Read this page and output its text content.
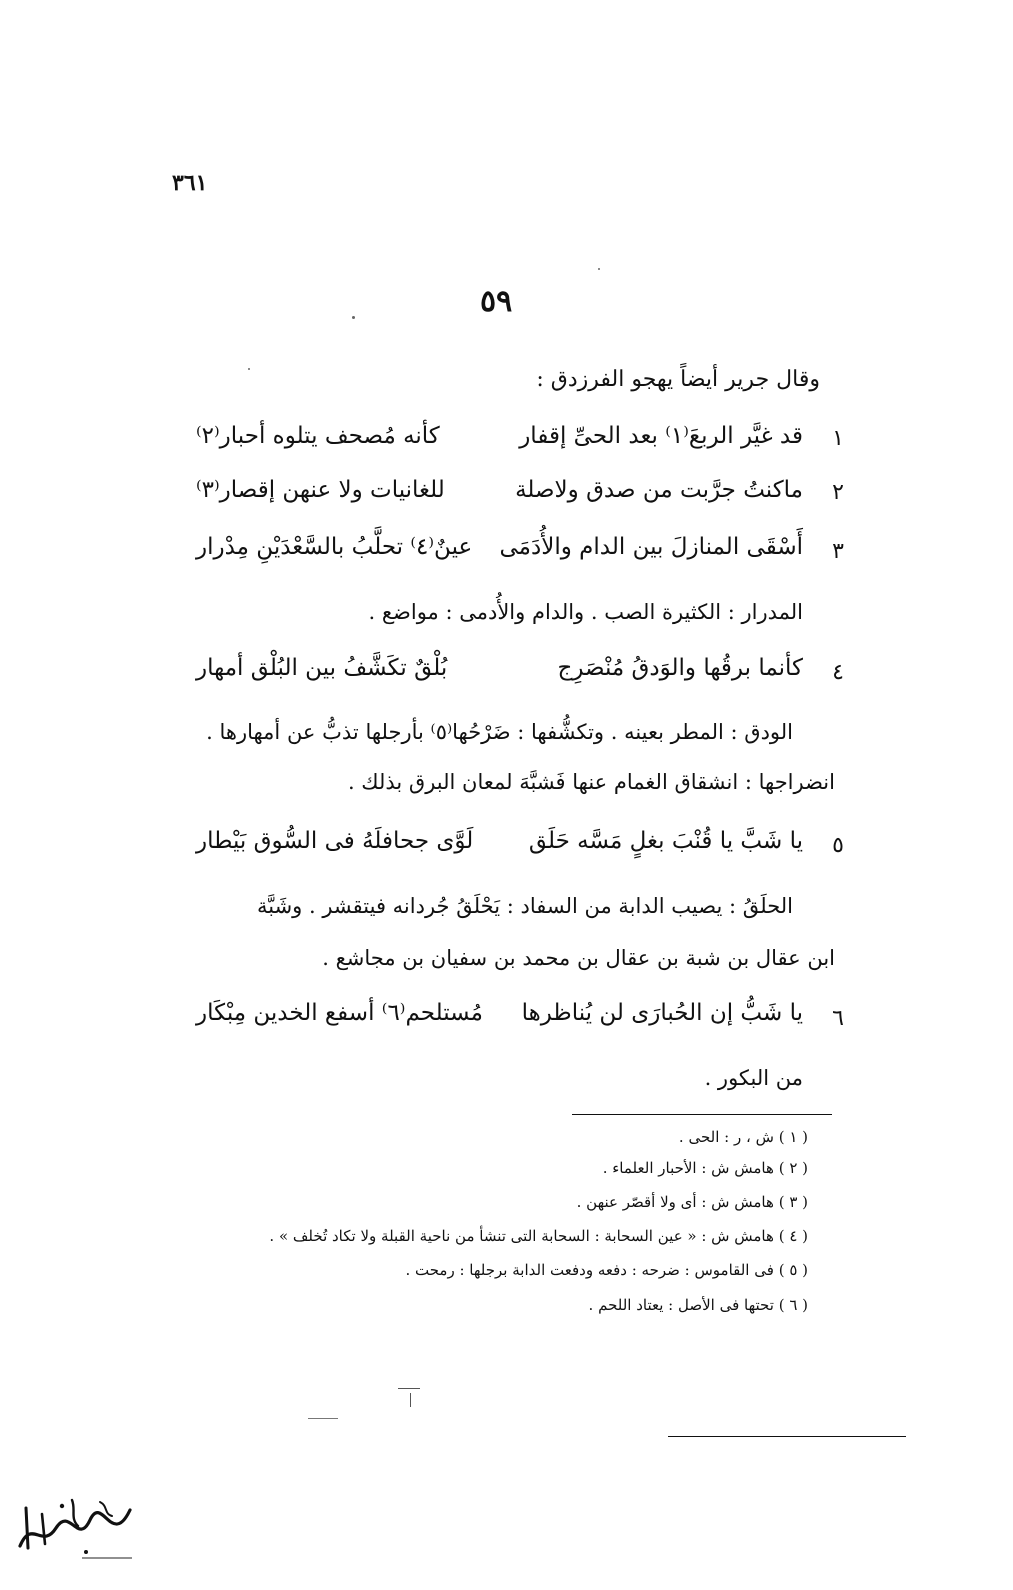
٣٦١
٥٩
وقال جرير أيضاً يهجو الفرزدق :
١
قد غيَّر الربعَ⁽١⁾ بعد الحىِّ إقفار
كأنه مُصحف يتلوه أحبار⁽٢⁾
٢
ماكنتُ جرَّبت من صدق ولاصلة
للغانيات ولا عنهن إقصار⁽٣⁾
٣
أَسْقَى المنازلَ بين الدام والأُدَمَى
عينٌ⁽٤⁾ تحلَّبُ بالسَّعْدَيْنِ مِدْرار
المدرار : الكثيرة الصب . والدام والأُدمى : مواضع .
٤
كأنما برقُها والوَدقُ مُنْصَرِج
بُلْقٌ تكَشَّفُ بين البُلْق أمهار
الودق : المطر بعينه . وتكشُّفها : ضَرْحُها⁽٥⁾ بأرجلها تذبُّ عن أمهارها .
انضراجها : انشقاق الغمام عنها فَشبَّهَ لمعان البرق بذلك .
٥
يا شَبَّ يا قُنْبَ بغلٍ مَسَّه حَلَق
لَوَّى جحافلَهُ فى السُّوق بَيْطار
الحلَقُ : يصيب الدابة من السفاد : يَحْلَقُ جُردانه فيتقشر . وشَبَّة
ابن عقال بن شبة بن عقال بن محمد بن سفيان بن مجاشع .
٦
يا شَبُّ إن الحُبارَى لن يُناظرها
مُستلحم⁽٦⁾ أسفع الخدين مِبْكَار
من البكور .
( ١ ) ش ، ر : الحى .
( ٢ ) هامش ش : الأحبار العلماء .
( ٣ ) هامش ش : أى ولا أقصّر عنهن .
( ٤ ) هامش ش : « عين السحابة : السحابة التى تنشأ من ناحية القبلة ولا تكاد تُخلف » .
( ٥ ) فى القاموس : ضرحه : دفعه ودفعت الدابة برجلها : رمحت .
( ٦ ) تحتها فى الأصل : يعتاد اللحم .
